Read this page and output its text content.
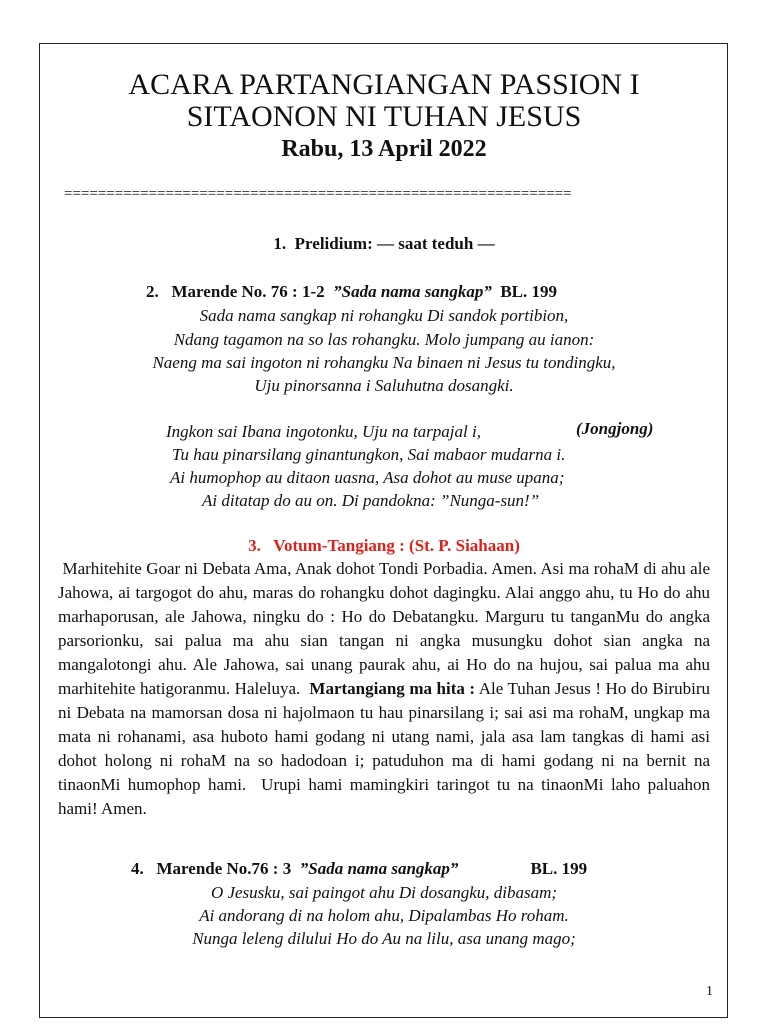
ACARA PARTANGIANGAN PASSION I
SITAONON NI TUHAN JESUS
Rabu, 13 April 2022
============================================================
1.  Prelidium: — saat teduh —
2.   Marende No. 76 : 1-2  ”Sada nama sangkap” BL. 199
Sada nama sangkap ni rohangku Di sandok portibion,
Ndang tagamon na so las rohangku. Molo jumpang au ianon:
Naeng ma sai ingoton ni rohangku Na binaen ni Jesus tu tondingku,
Uju pinorsanna i Saluhutna dosangki.
Ingkon sai Ibana ingotonku, Uju na tarpajal i,	(Jongjong)
Tu hau pinarsilang ginantungkon, Sai mabaor mudarna i.
Ai humophop au ditaon uasna, Asa dohot au muse upana;
Ai ditatap do au on. Di pandokna: ”Nunga-sun!”
3.   Votum-Tangiang : (St. P. Siahaan)
Marhitehite Goar ni Debata Ama, Anak dohot Tondi Porbadia. Amen. Asi ma rohaM di ahu ale Jahowa, ai targogot do ahu, maras do rohangku dohot dagingku. Alai anggo ahu, tu Ho do ahu marhaporusan, ale Jahowa, ningku do : Ho do Debatangku. Marguru tu tanganMu do angka parsorionku, sai palua ma ahu sian tangan ni angka musungku dohot sian angka na mangalotongi ahu. Ale Jahowa, sai unang paurak ahu, ai Ho do na hujou, sai palua ma ahu marhitehite hatigoranmu. Haleluya. Martangiang ma hita : Ale Tuhan Jesus ! Ho do Birubiru ni Debata na mamorsan dosa ni hajolmaon tu hau pinarsilang i; sai asi ma rohaM, ungkap ma mata ni rohanami, asa huboto hami godang ni utang nami, jala asa lam tangkas di hami asi dohot holong ni rohaM na so hadodoan i; patuduhon ma di hami godang ni na bernit na tinaonMi humophop hami.  Urupi hami mamingkiri taringot tu na tinaonMi laho paluahon hami! Amen.
4.   Marende No.76 : 3  ”Sada nama sangkap”	BL. 199
O Jesusku, sai paingot ahu Di dosangku, dibasam;
Ai andorang di na holom ahu, Dipalambas Ho roham.
Nunga leleng dilului Ho do Au na lilu, asa unang mago;
1
